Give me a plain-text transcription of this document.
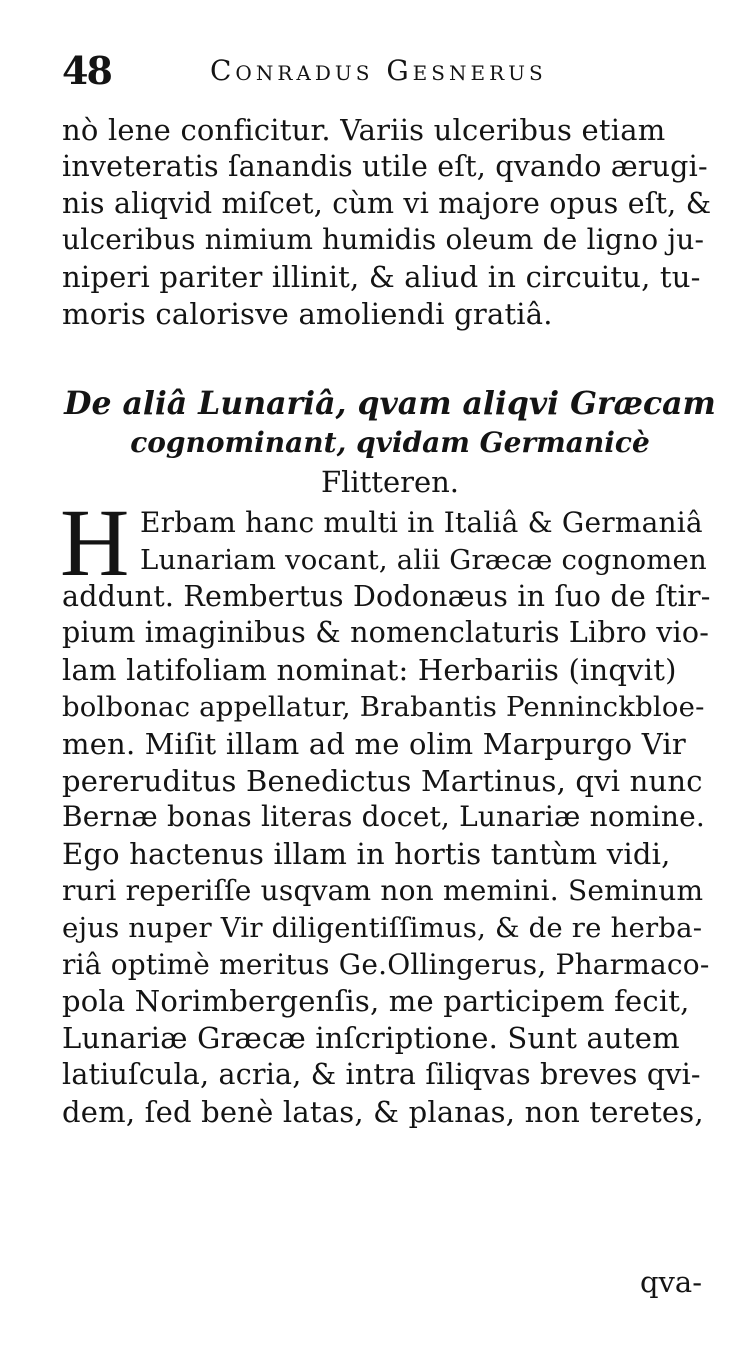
48	Conradus Gesnerus
nò lene conficitur. Variis ulceribus etiam
inveteratis ſanandis utile eſt, qvando ærugi-
nis aliqvid miſcet, cùm vi majore opus eſt, &
ulceribus nimium humidis oleum de ligno ju-
niperi pariter illinit, & aliud in circuitu, tu-
moris calorisve amoliendi gratiâ.
De aliâ Lunariâ, qvam aliqvi Græcam
cognominant, qvidam Germanicè
Flitteren.
H Erbam hanc multi in Italiâ & Germaniâ
Lunariam vocant, alii Græcæ cognomen
addunt. Rembertus Dodonæus in ſuo de ſtir-
pium imaginibus & nomenclaturis Libro vio-
lam latifoliam nominat: Herbariis (inqvit)
bolbonac appellatur, Brabantis Penninckbloe-
men. Miſit illam ad me olim Marpurgo Vir
pereruditus Benedictus Martinus, qvi nunc
Bernæ bonas literas docet, Lunariæ nomine.
Ego hactenus illam in hortis tantùm vidi,
ruri reperiſſe usqvam non memini. Seminum
ejus nuper Vir diligentiſſimus, & de re herba-
riâ optimè meritus Ge.Ollingerus, Pharmaco-
pola Norimbergenſis, me participem fecit,
Lunariæ Græcæ inſcriptione. Sunt autem
latiuſcula, acria, & intra ſiliqvas breves qvi-
dem, ſed benè latas, & planas, non teretes,
qva-
